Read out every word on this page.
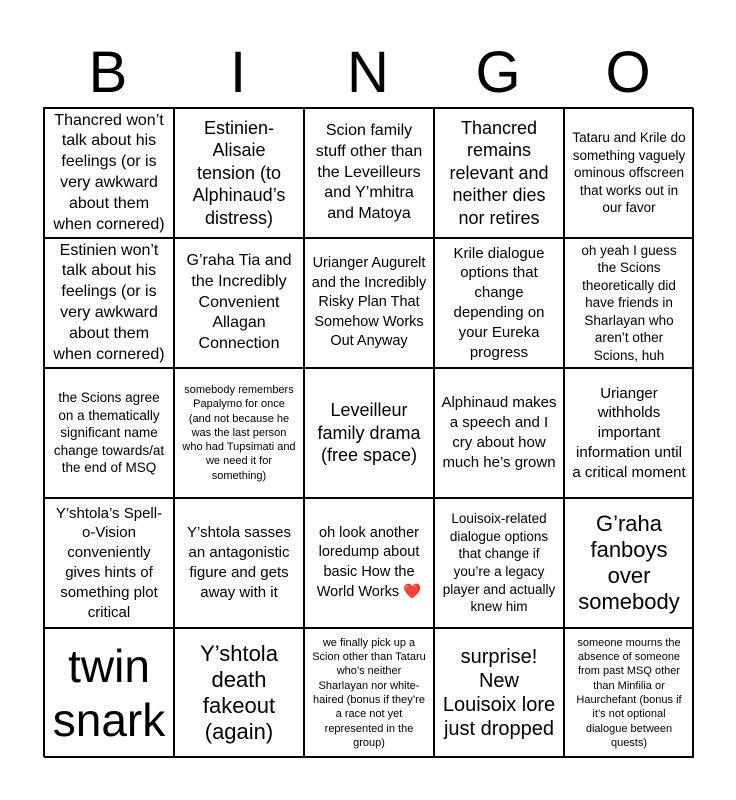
B	I	N	G	O
Thancred won’t talk about his feelings (or is very awkward about them when cornered)
Estinien-Alisaie tension (to Alphinaud’s distress)
Scion family stuff other than the Leveilleurs and Y’mhitra and Matoya
Thancred remains relevant and neither dies nor retires
Tataru and Krile do something vaguely ominous offscreen that works out in our favor
Estinien won’t talk about his feelings (or is very awkward about them when cornered)
G’raha Tia and the Incredibly Convenient Allagan Connection
Urianger Augurelt and the Incredibly Risky Plan That Somehow Works Out Anyway
Krile dialogue options that change depending on your Eureka progress
oh yeah I guess the Scions theoretically did have friends in Sharlayan who aren’t other Scions, huh
the Scions agree on a thematically significant name change towards/at the end of MSQ
somebody remembers Papalymo for once (and not because he was the last person who had Tupsimati and we need it for something)
Leveilleur family drama (free space)
Alphinaud makes a speech and I cry about how much he’s grown
Urianger withholds important information until a critical moment
Y’shtola’s Spell-o-Vision conveniently gives hints of something plot critical
Y’shtola sasses an antagonistic figure and gets away with it
oh look another loredump about basic How the World Works ❤️
Louisoix-related dialogue options that change if you’re a legacy player and actually knew him
G’raha fanboys over somebody
twin snark
Y’shtola death fakeout (again)
we finally pick up a Scion other than Tataru who’s neither Sharlayan nor white-haired (bonus if they’re a race not yet represented in the group)
surprise! New Louisoix lore just dropped
someone mourns the absence of someone from past MSQ other than Minfilia or Haurchefant (bonus if it’s not optional dialogue between quests)
